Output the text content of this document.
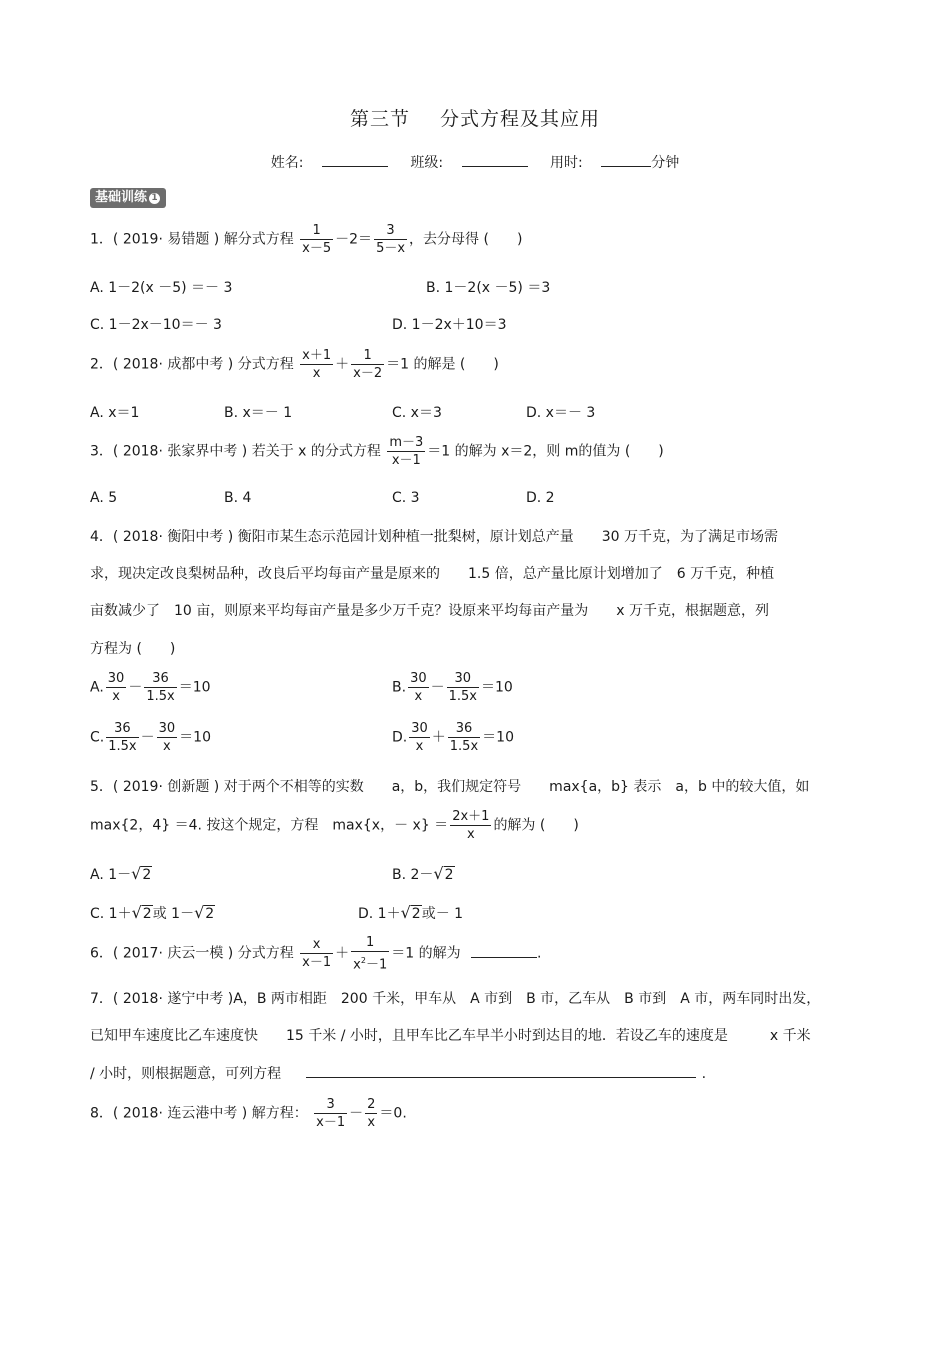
第三节 分式方程及其应用
姓名:	班级:	用时:	分钟
基础训练 1
1．( 2019· 易错题 ) 解分式方程 $\frac{1}{x-5} -2= \frac{3}{5-x}$ ，去分母得 (　　)
A. 1－2(x －5) ＝－ 3	B. 1－2(x －5) ＝3
C. 1－2x－10＝－ 3	D. 1－2x＋10＝3
2．( 2018· 成都中考 ) 分式方程 $\frac{x+1}{x} + \frac{1}{x-2} =1$ 的解是 (　　)
A. x＝1	B. x＝－ 1	C. x＝3	D. x＝－ 3
3．( 2018· 张家界中考 ) 若关于 x 的分式方程 $\frac{m-3}{x-1} =1$ 的解为 x＝2，则 m的值为 (　　)
A. 5	B. 4	C. 3	D. 2
4．( 2018· 衡阳中考 ) 衡阳市某生态示范园计划种植一批梨树，原计划总产量　　30 万千克，为了满足市场需
求，现决定改良梨树品种，改良后平均每亩产量是原来的　　1.5 倍，总产量比原计划增加了　6 万千克，种植
亩数减少了　10 亩，则原来平均每亩产量是多少万千克？设原来平均每亩产量为　　x 万千克，根据题意，列
方程为 (　　)
A. $\frac{30}{x} - \frac{36}{1.5x} =10$	B. $\frac{30}{x} - \frac{30}{1.5x} =10$
C. $\frac{36}{1.5x} - \frac{30}{x} =10$	D. $\frac{30}{x} + \frac{36}{1.5x} =10$
5．( 2019· 创新题 ) 对于两个不相等的实数　　a，b，我们规定符号　　max{a，b} 表示　a，b 中的较大值，如
max{2，4} ＝4. 按这个规定，方程　max{x，－ $x\} = \frac{2x+1}{x}$ 的解为 (　　)
A. 1－√2	B. 2－√2
C. 1＋√2或 1－√2	D. 1＋√2或－ 1
6．( 2017· 庆云一模 ) 分式方程 $\frac{x}{x-1} + \frac{1}{x^2-1} =1$ 的解为	.
7．( 2018· 遂宁中考 )A，B 两市相距　200 千米，甲车从　A 市到　B 市，乙车从　B 市到　A 市，两车同时出发，
已知甲车速度比乙车速度快　　15 千米 / 小时，且甲车比乙车早半小时到达目的地．若设乙车的速度是　　　x 千米
/ 小时，则根据题意，可列方程	.
8．( 2018· 连云港中考 ) 解方程： $\frac{3}{x-1} - \frac{2}{x} =0$.
